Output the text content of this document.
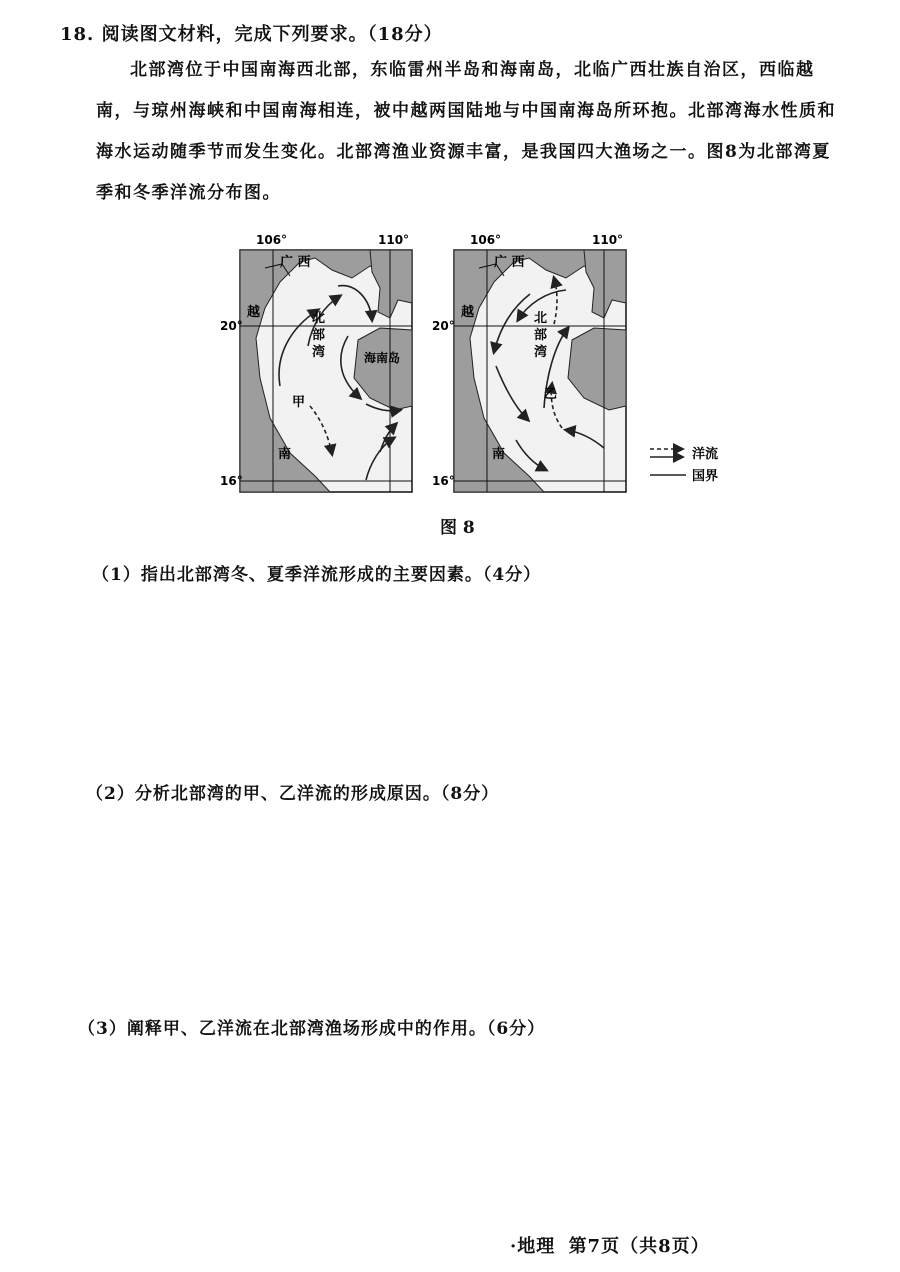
18. 阅读图文材料，完成下列要求。（18分）

北部湾位于中国南海西北部，东临雷州半岛和海南岛，北临广西壮族自治区，西临越

南，与琼州海峡和中国南海相连，被中越两国陆地与中国南海岛所环抱。北部湾海水性质和

海水运动随季节而发生变化。北部湾渔业资源丰富，是我国四大渔场之一。图8为北部湾夏

季和冬季洋流分布图。

106°	110°
20°
16°
广 西
越	北
部
湾	海南岛
甲
南
106°	110°
20°
16°
广 西
越	北
部
湾
乙
南	洋流
国界
图 8
（1）指出北部湾冬、夏季洋流形成的主要因素。（4分）
（2）分析北部湾的甲、乙洋流的形成原因。（8分）
（3）阐释甲、乙洋流在北部湾渔场形成中的作用。（6分）
·地理 第7页（共8页）
